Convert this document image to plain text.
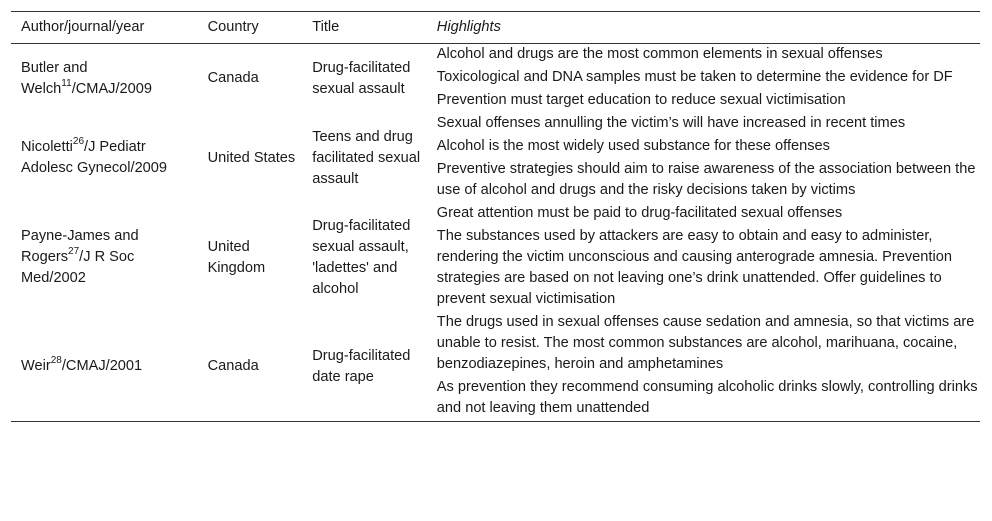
Author/journal/year	Country	Title	Highlights
Butler and Welch$^{11}$/CMAJ/2009	Canada	Drug-facilitated sexual assault	Alcohol and drugs are the most common elements in sexual offenses
Toxicological and DNA samples must be taken to determine the evidence for DF
Prevention must target education to reduce sexual victimisation

Nicoletti$^{26}$/J Pediatr Adolesc Gynecol/2009	United States	Teens and drug facilitated sexual assault	Sexual offenses annulling the victim’s will have increased in recent times
Alcohol is the most widely used substance for these offenses
Preventive strategies should aim to raise awareness of the association between the use of alcohol and drugs and the risky decisions taken by victims

Payne-James and Rogers$^{27}$/J R Soc Med/2002	United Kingdom	Drug-facilitated sexual assault, 'ladettes' and alcohol	Great attention must be paid to drug-facilitated sexual offenses
The substances used by attackers are easy to obtain and easy to administer, rendering the victim unconscious and causing anterograde amnesia. Prevention strategies are based on not leaving one’s drink unattended. Offer guidelines to prevent sexual victimisation

Weir$^{28}$/CMAJ/2001	Canada	Drug-facilitated date rape	The drugs used in sexual offenses cause sedation and amnesia, so that victims are unable to resist. The most common substances are alcohol, marihuana, cocaine, benzodiazepines, heroin and amphetamines
As prevention they recommend consuming alcoholic drinks slowly, controlling drinks and not leaving them unattended
